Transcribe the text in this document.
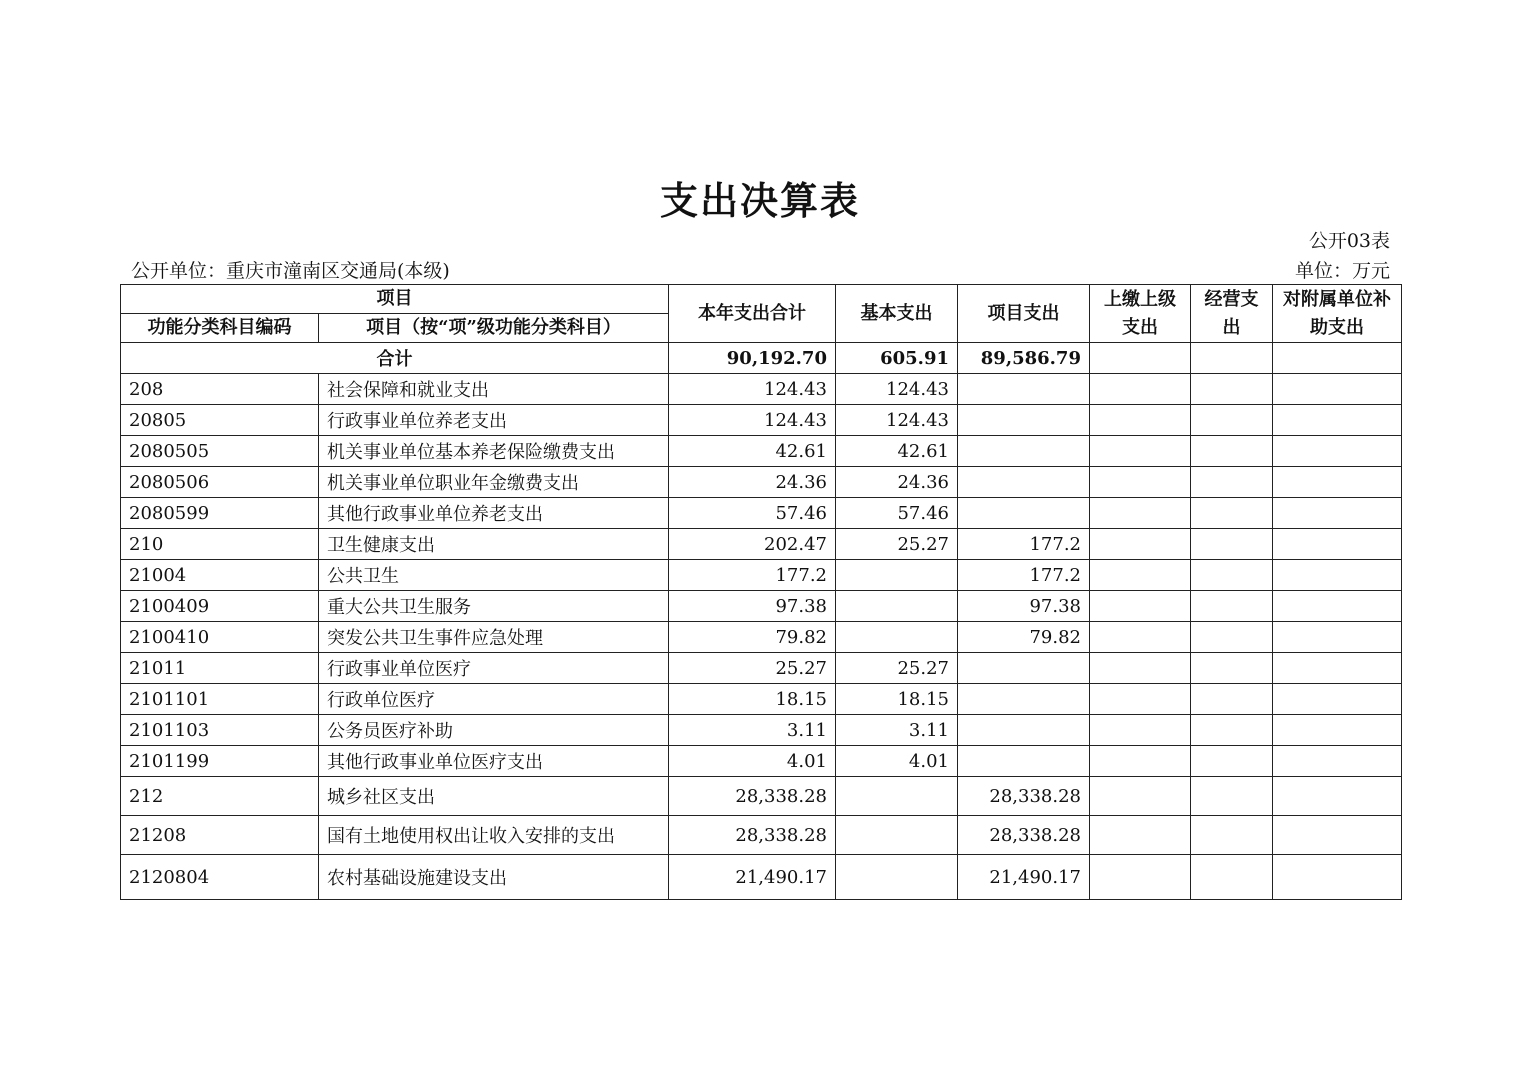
支出决算表
公开03表
公开单位：重庆市潼南区交通局(本级)	单位：万元
项目		本年支出合计	基本支出	项目支出	上缴上级支出	经营支出	对附属单位补助支出
功能分类科目编码	项目（按“项”级功能分类科目）						
合计		90,192.70	605.91	89,586.79			
208	社会保障和就业支出	124.43	124.43				
20805	行政事业单位养老支出	124.43	124.43				
2080505	机关事业单位基本养老保险缴费支出	42.61	42.61				
2080506	机关事业单位职业年金缴费支出	24.36	24.36				
2080599	其他行政事业单位养老支出	57.46	57.46				
210	卫生健康支出	202.47	25.27	177.2			
21004	公共卫生	177.2		177.2			
2100409	重大公共卫生服务	97.38		97.38			
2100410	突发公共卫生事件应急处理	79.82		79.82			
21011	行政事业单位医疗	25.27	25.27				
2101101	行政单位医疗	18.15	18.15				
2101103	公务员医疗补助	3.11	3.11				
2101199	其他行政事业单位医疗支出	4.01	4.01				
212	城乡社区支出	28,338.28		28,338.28			
21208	国有土地使用权出让收入安排的支出	28,338.28		28,338.28			
2120804	农村基础设施建设支出	21,490.17		21,490.17			
